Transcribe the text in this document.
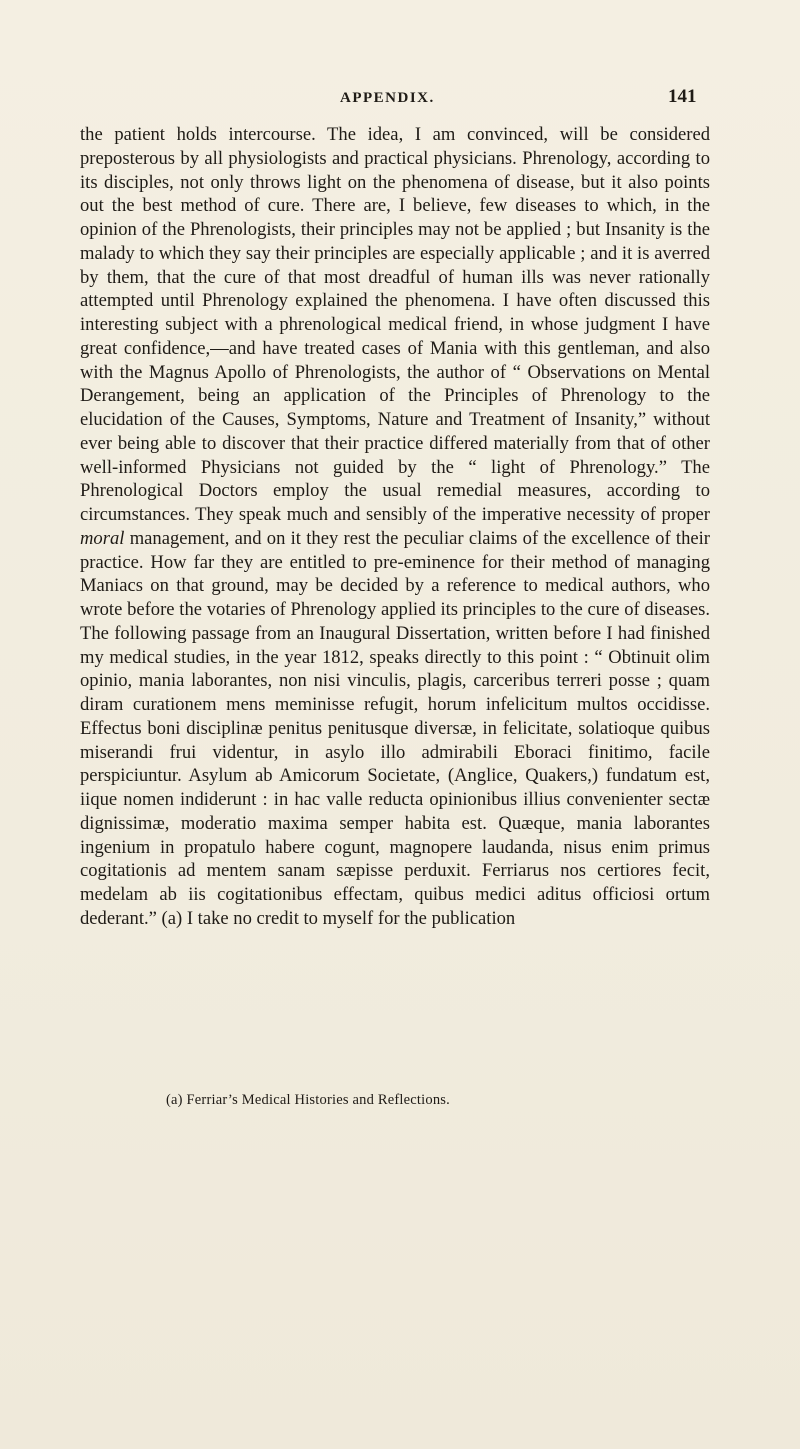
APPENDIX.	141

the patient holds intercourse. The idea, I am convinced, will be considered preposterous by all physiologists and practical physicians. Phrenology, according to its disciples, not only throws light on the phenomena of disease, but it also points out the best method of cure. There are, I believe, few diseases to which, in the opinion of the Phrenologists, their principles may not be applied ; but Insanity is the malady to which they say their principles are especially applicable ; and it is averred by them, that the cure of that most dreadful of human ills was never rationally attempted until Phrenology explained the phenomena. I have often discussed this interesting subject with a phrenological medical friend, in whose judgment I have great confidence,—and have treated cases of Mania with this gentleman, and also with the Magnus Apollo of Phrenologists, the author of “ Observations on Mental Derangement, being an application of the Principles of Phrenology to the elucidation of the Causes, Symptoms, Nature and Treatment of Insanity,” without ever being able to discover that their practice differed materially from that of other well-informed Physicians not guided by the “ light of Phrenology.” The Phrenological Doctors employ the usual remedial measures, according to circumstances. They speak much and sensibly of the imperative necessity of proper moral management, and on it they rest the peculiar claims of the excellence of their practice. How far they are entitled to pre-eminence for their method of managing Maniacs on that ground, may be decided by a reference to medical authors, who wrote before the votaries of Phrenology applied its principles to the cure of diseases. The following passage from an Inaugural Dissertation, written before I had finished my medical studies, in the year 1812, speaks directly to this point : “ Obtinuit olim opinio, mania laborantes, non nisi vinculis, plagis, carceribus terreri posse ; quam diram curationem mens meminisse refugit, horum infelicitum multos occidisse. Effectus boni disciplinæ penitus penitusque diversæ, in felicitate, solatioque quibus miserandi frui videntur, in asylo illo admirabili Eboraci finitimo, facile perspiciuntur. Asylum ab Amicorum Societate, (Anglice, Quakers,) fundatum est, iique nomen indiderunt : in hac valle reducta opinionibus illius convenienter sectæ dignissimæ, moderatio maxima semper habita est. Quæque, mania laborantes ingenium in propatulo habere cogunt, magnopere laudanda, nisus enim primus cogitationis ad mentem sanam sæpisse perduxit. Ferriarus nos certiores fecit, medelam ab iis cogitationibus effectam, quibus medici aditus officiosi ortum dederant.” (a) I take no credit to myself for the publication

(a) Ferriar’s Medical Histories and Reflections.
